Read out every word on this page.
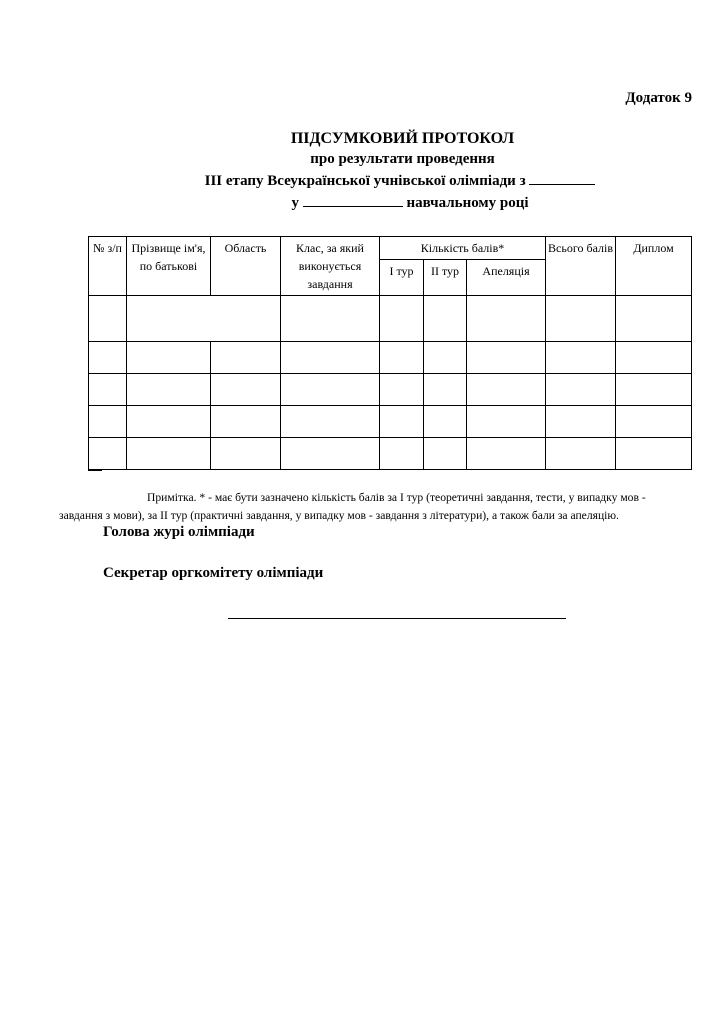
Додаток 9
ПІДСУМКОВИЙ ПРОТОКОЛ
про результати проведення
ІІІ етапу Всеукраїнської учнівської олімпіади з
у	навчальному році
№ з/п	Прізвище ім'я, по батькові	Область	Клас, за який виконується завдання	Кількість балів*			Всього балів	Диплом
				І тур	ІІ тур	Апеляція		

Примітка. * - має бути зазначено кількість балів за І тур (теоретичні завдання, тести, у випадку мов -
завдання з мови), за ІІ тур (практичні завдання, у випадку мов - завдання з літератури), а також бали за апеляцію.
Голова журі олімпіади
Секретар оргкомітету олімпіади
